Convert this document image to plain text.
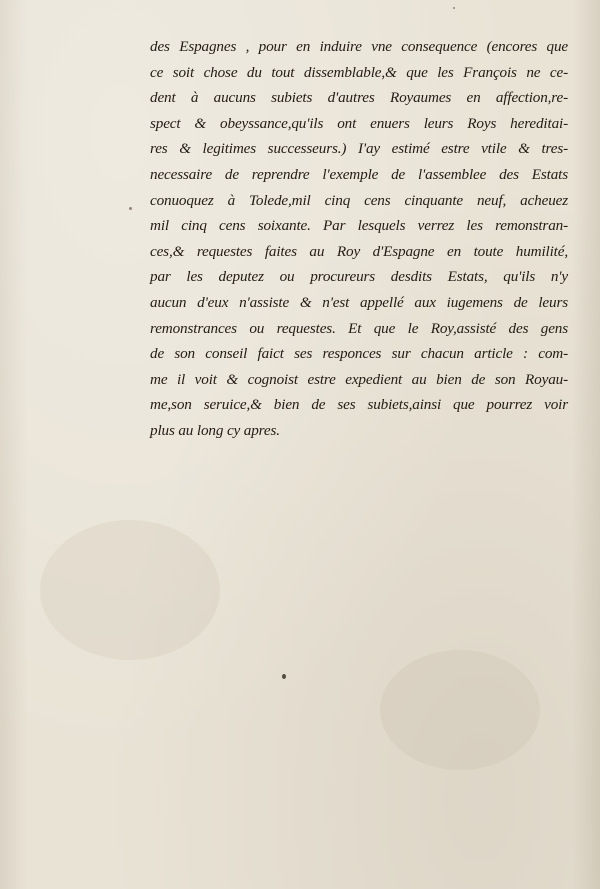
des Espagnes , pour en induire vne consequence (encores que
ce soit chose du tout dissemblable,& que les François ne ce-
dent à aucuns subiets d'autres Royaumes en affection,re-
spect & obeyssance,qu'ils ont enuers leurs Roys hereditai-
res & legitimes successeurs.) I'ay estimé estre vtile & tres-
necessaire de reprendre l'exemple de l'assemblee des Estats
conuoquez à Tolede,mil cinq cens cinquante neuf, acheuez
mil cinq cens soixante. Par lesquels verrez les remonstran-
ces,& requestes faites au Roy d'Espagne en toute humilité,
par les deputez ou procureurs desdits Estats, qu'ils n'y
aucun d'eux n'assiste & n'est appellé aux iugemens de leurs
remonstrances ou requestes. Et que le Roy,assisté des gens
de son conseil faict ses responces sur chacun article : com-
me il voit & cognoist estre expedient au bien de son Royau-
me,son seruice,& bien de ses subiets,ainsi que pourrez voir
plus au long cy apres.
